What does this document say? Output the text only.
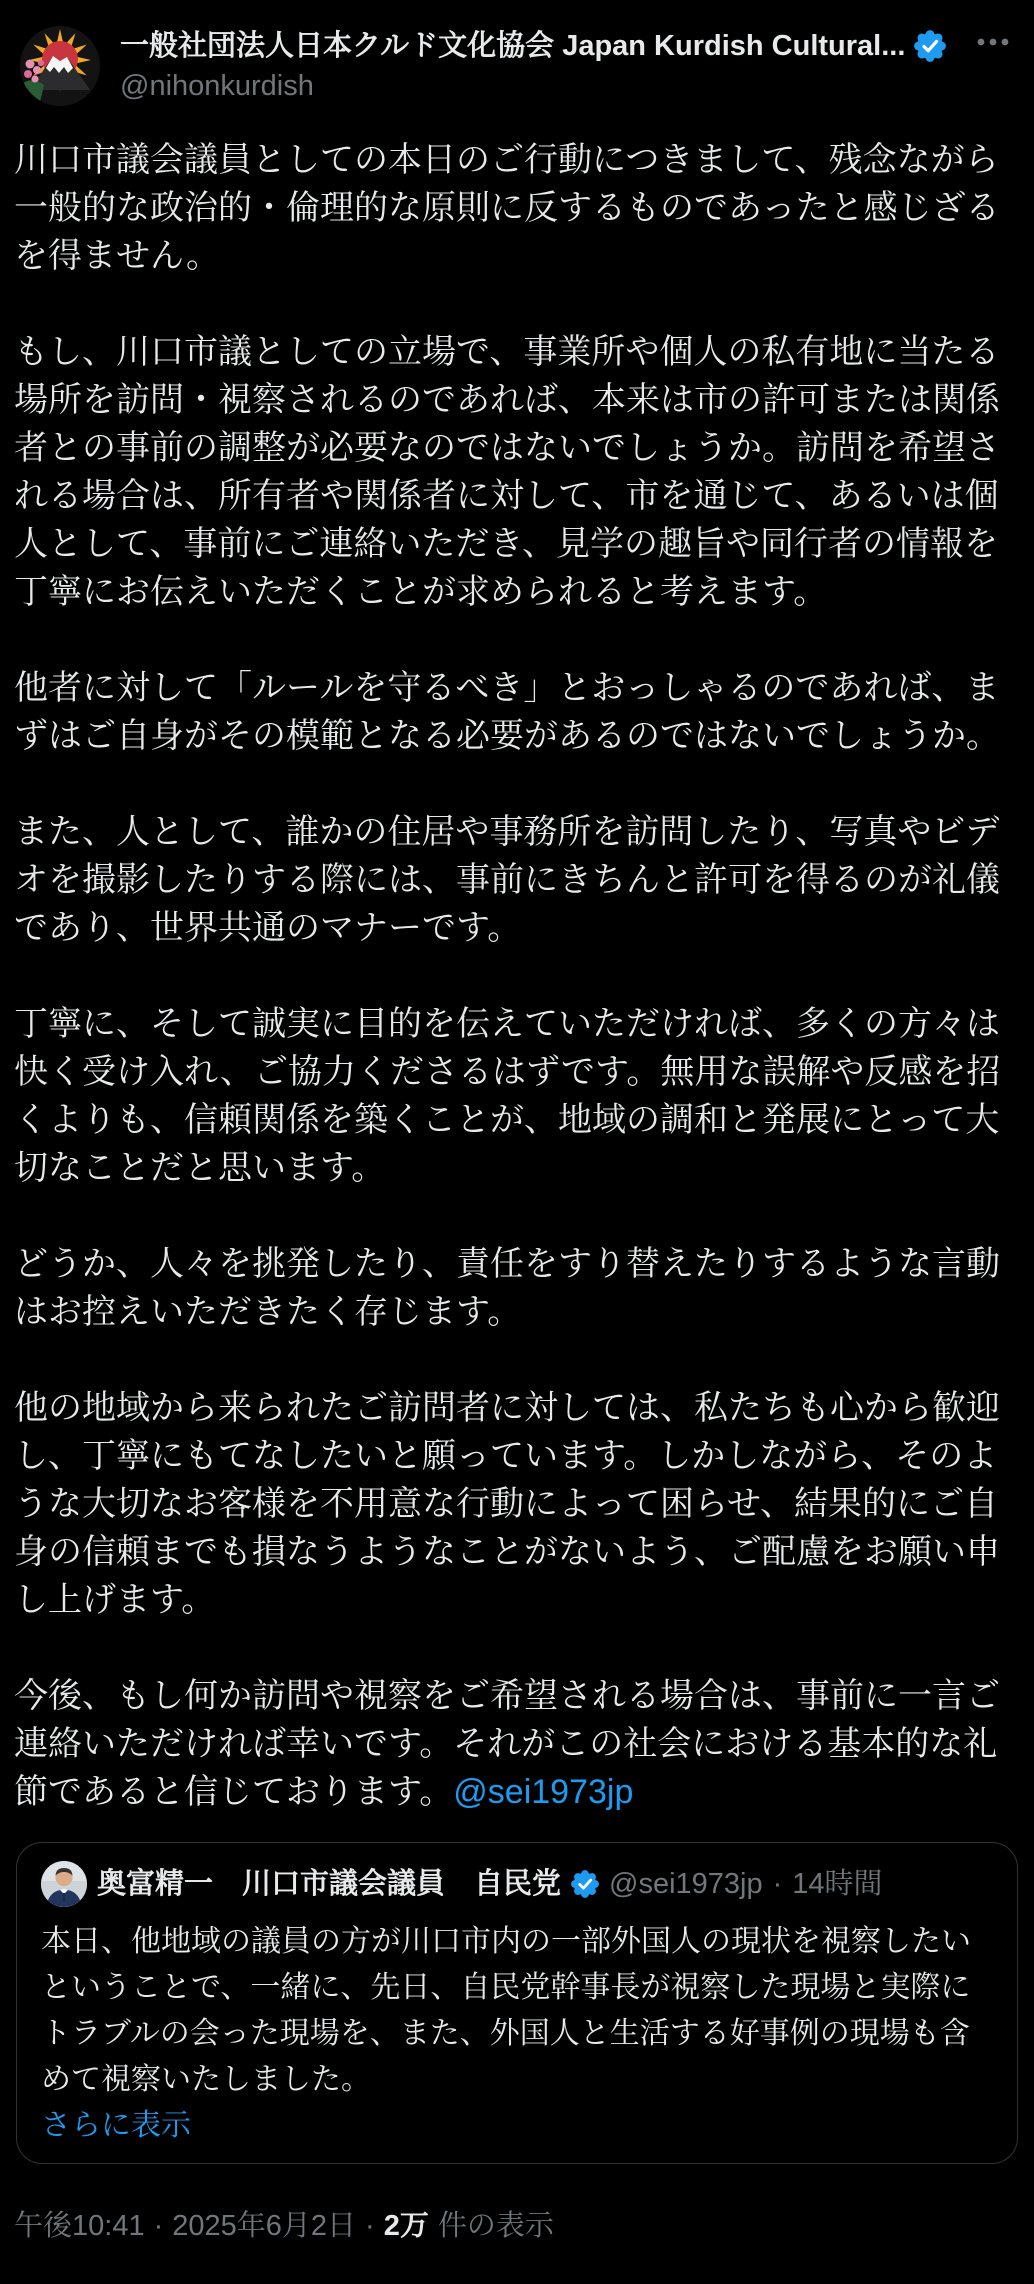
一般社団法人日本クルド文化協会 Japan Kurdish Cultural...
@nihonkurdish

川口市議会議員としての本日のご行動につきまして、残念ながら一般的な政治的・倫理的な原則に反するものであったと感じざるを得ません。

もし、川口市議としての立場で、事業所や個人の私有地に当たる場所を訪問・視察されるのであれば、本来は市の許可または関係者との事前の調整が必要なのではないでしょうか。訪問を希望される場合は、所有者や関係者に対して、市を通じて、あるいは個人として、事前にご連絡いただき、見学の趣旨や同行者の情報を丁寧にお伝えいただくことが求められると考えます。

他者に対して「ルールを守るべき」とおっしゃるのであれば、まずはご自身がその模範となる必要があるのではないでしょうか。

また、人として、誰かの住居や事務所を訪問したり、写真やビデオを撮影したりする際には、事前にきちんと許可を得るのが礼儀であり、世界共通のマナーです。

丁寧に、そして誠実に目的を伝えていただければ、多くの方々は快く受け入れ、ご協力くださるはずです。無用な誤解や反感を招くよりも、信頼関係を築くことが、地域の調和と発展にとって大切なことだと思います。

どうか、人々を挑発したり、責任をすり替えたりするような言動はお控えいただきたく存じます。

他の地域から来られたご訪問者に対しては、私たちも心から歓迎し、丁寧にもてなしたいと願っています。しかしながら、そのような大切なお客様を不用意な行動によって困らせ、結果的にご自身の信頼までも損なうようなことがないよう、ご配慮をお願い申し上げます。

今後、もし何か訪問や視察をご希望される場合は、事前に一言ご連絡いただければ幸いです。それがこの社会における基本的な礼節であると信じております。@sei1973jp

奥富精一　川口市議会議員　自民党 @sei1973jp · 14時間
本日、他地域の議員の方が川口市内の一部外国人の現状を視察したいということで、一緒に、先日、自民党幹事長が視察した現場と実際にトラブルの会った現場を、また、外国人と生活する好事例の現場も含めて視察いたしました。
さらに表示
午後10:41 · 2025年6月2日 · 2万 件の表示
